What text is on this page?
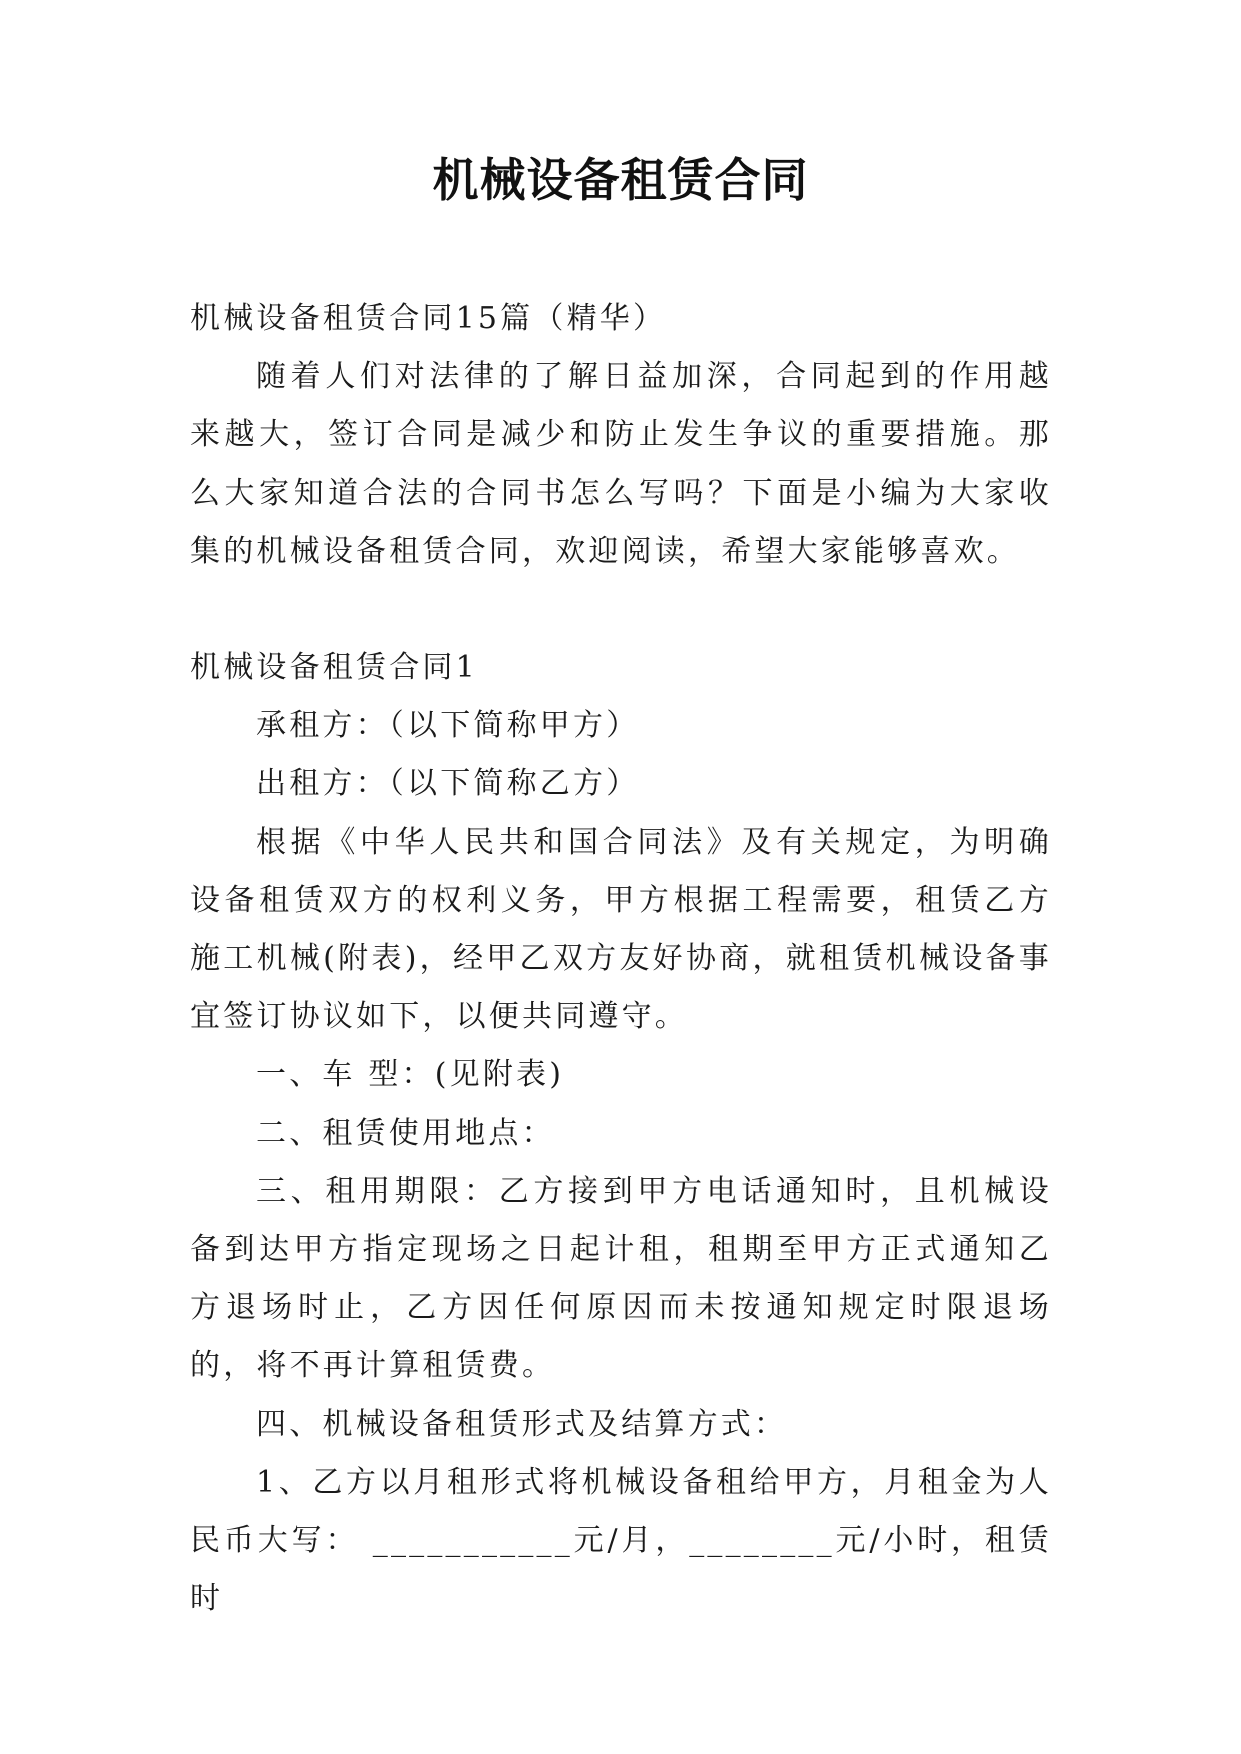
机械设备租赁合同

机械设备租赁合同15篇（精华）

随着人们对法律的了解日益加深，合同起到的作用越来越大，签订合同是减少和防止发生争议的重要措施。那么大家知道合法的合同书怎么写吗？下面是小编为大家收集的机械设备租赁合同，欢迎阅读，希望大家能够喜欢。

机械设备租赁合同1

承租方：（以下简称甲方）

出租方：（以下简称乙方）

根据《中华人民共和国合同法》及有关规定，为明确设备租赁双方的权利义务，甲方根据工程需要，租赁乙方施工机械(附表)，经甲乙双方友好协商，就租赁机械设备事宜签订协议如下，以便共同遵守。

一、车 型：(见附表)

二、租赁使用地点：

三、租用期限：乙方接到甲方电话通知时，且机械设备到达甲方指定现场之日起计租，租期至甲方正式通知乙方退场时止，乙方因任何原因而未按通知规定时限退场的，将不再计算租赁费。

四、机械设备租赁形式及结算方式：

1、乙方以月租形式将机械设备租给甲方，月租金为人民币大写： ___________元/月，________元/小时，租赁时
